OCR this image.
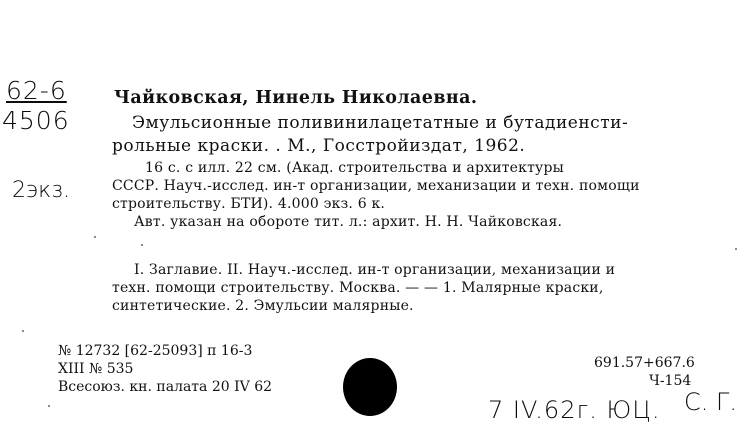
62-6
4506
2экз.
Чайковская, Нинель Николаевна.
Эмульсионные поливинилацетатные и бутадиенсти-
рольные краски. . М., Госстройиздат, 1962.
16 с. с илл. 22 см. (Акад. строительства и архитектуры
СССР. Науч.-исслед. ин-т организации, механизации и техн. помощи
строительству. БТИ). 4.000 экз. 6 к.
Авт. указан на обороте тит. л.: архит. Н. Н. Чайковская.
I. Заглавие. II. Науч.-исслед. ин-т организации, механизации и
техн. помощи строительству. Москва. — — 1. Малярные краски,
синтетические. 2. Эмульсии малярные.
№ 12732 [62-25093] п 16-3
XIII № 535
Всесоюз. кн. палата 20 IV 62
691.57+667.6
Ч-154
7 IV.62г. ЮЦ. С. Г.
